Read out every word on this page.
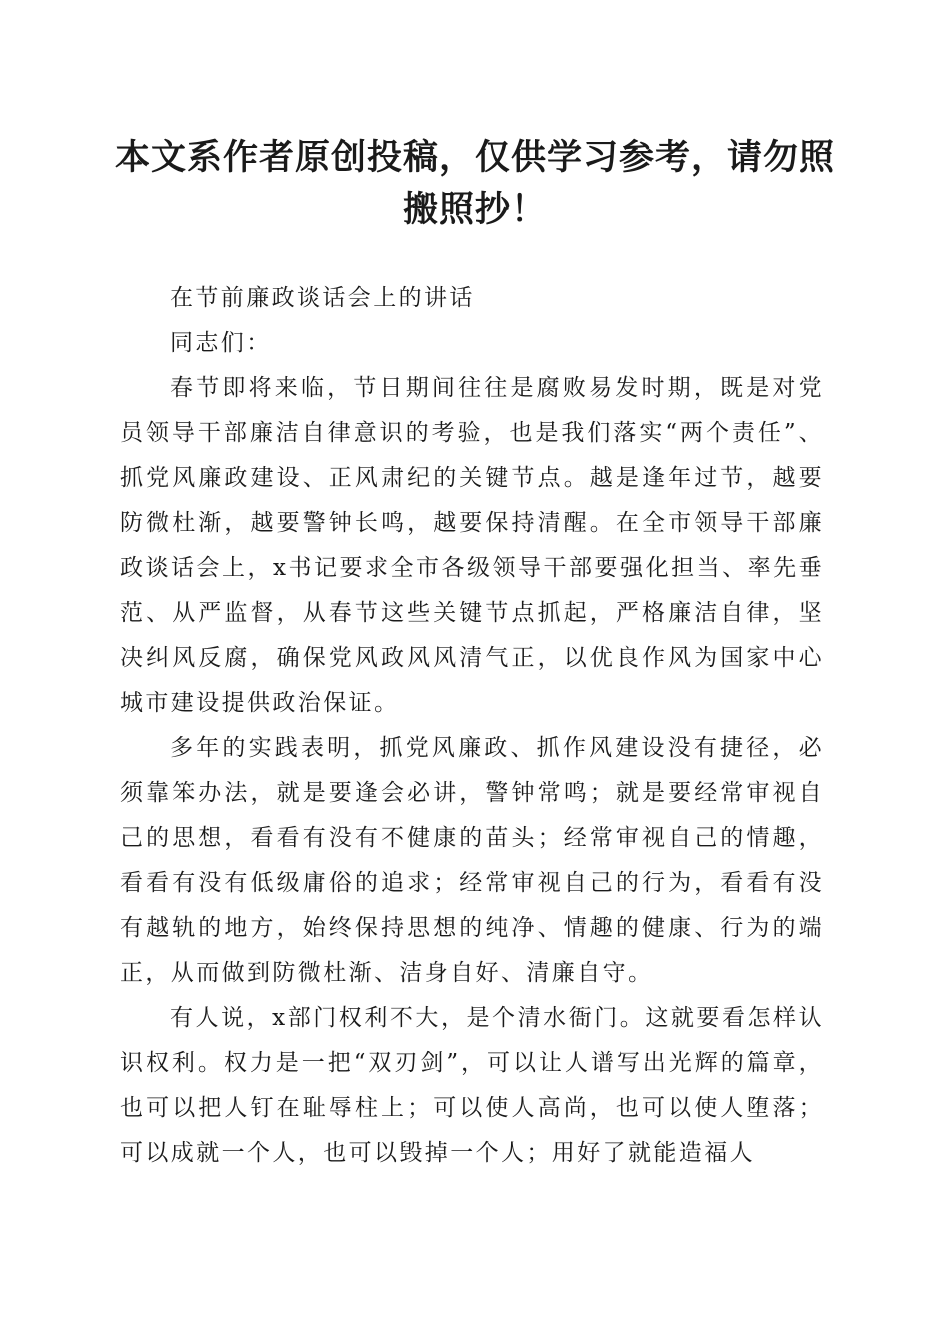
本文系作者原创投稿，仅供学习参考，请勿照搬照抄！

在节前廉政谈话会上的讲话

同志们：

春节即将来临，节日期间往往是腐败易发时期，既是对党员领导干部廉洁自律意识的考验，也是我们落实“两个责任”、抓党风廉政建设、正风肃纪的关键节点。越是逢年过节，越要防微杜渐，越要警钟长鸣，越要保持清醒。在全市领导干部廉政谈话会上，x书记要求全市各级领导干部要强化担当、率先垂范、从严监督，从春节这些关键节点抓起，严格廉洁自律，坚决纠风反腐，确保党风政风风清气正，以优良作风为国家中心城市建设提供政治保证。

多年的实践表明，抓党风廉政、抓作风建设没有捷径，必须靠笨办法，就是要逢会必讲，警钟常鸣；就是要经常审视自己的思想，看看有没有不健康的苗头；经常审视自己的情趣，看看有没有低级庸俗的追求；经常审视自己的行为，看看有没有越轨的地方，始终保持思想的纯净、情趣的健康、行为的端正，从而做到防微杜渐、洁身自好、清廉自守。

有人说，x部门权利不大，是个清水衙门。这就要看怎样认识权利。权力是一把“双刃剑”，可以让人谱写出光辉的篇章，也可以把人钉在耻辱柱上；可以使人高尚，也可以使人堕落；可以成就一个人，也可以毁掉一个人；用好了就能造福人
